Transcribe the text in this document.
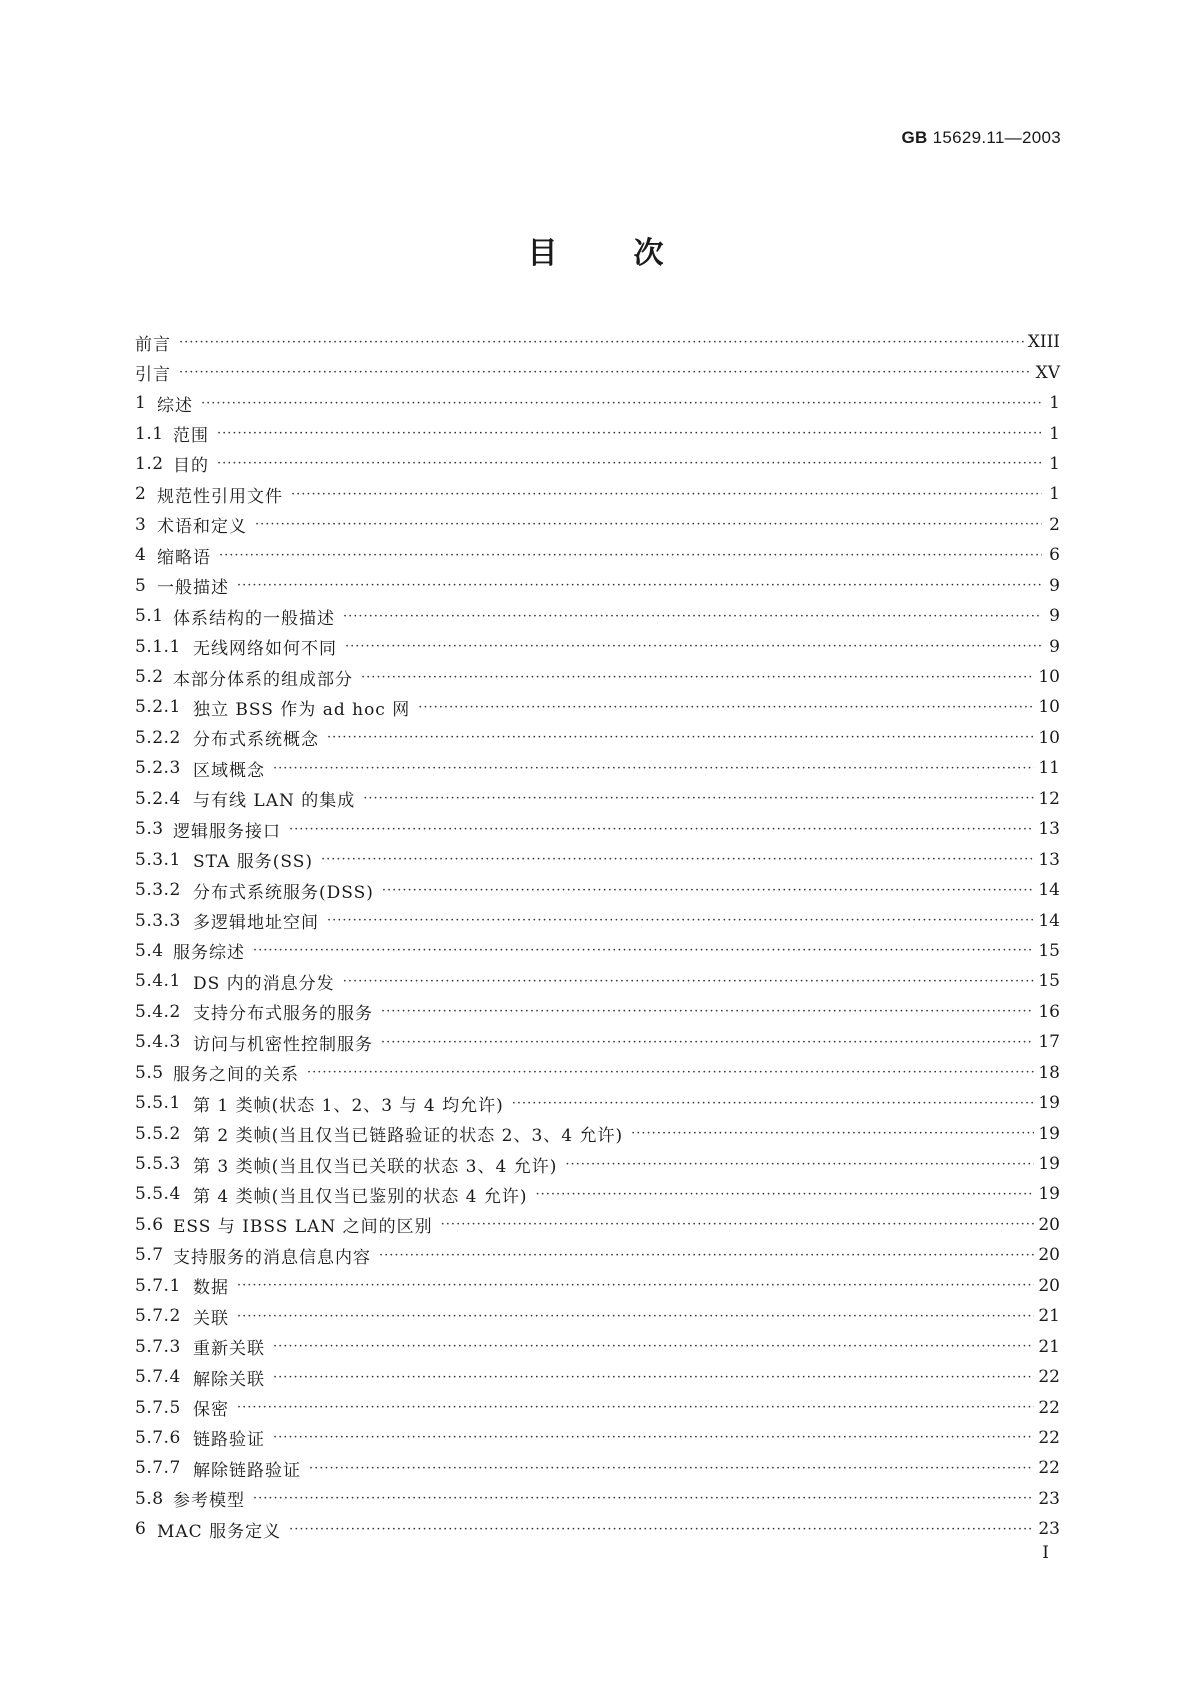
GB 15629.11—2003
目	次
前言 ·····	XIII
引言 ·····	XV
1 综述 ·····	1
1.1 范围 ·····	1
1.2 目的 ·····	1
2 规范性引用文件 ·····	1
3 术语和定义 ·····	2
4 缩略语 ·····	6
5 一般描述 ·····	9
5.1 体系结构的一般描述 ·····	9
5.1.1 无线网络如何不同 ·····	9
5.2 本部分体系的组成部分 ·····	10
5.2.1 独立 BSS 作为 ad hoc 网 ·····	10
5.2.2 分布式系统概念 ·····	10
5.2.3 区域概念 ·····	11
5.2.4 与有线 LAN 的集成 ·····	12
5.3 逻辑服务接口 ·····	13
5.3.1 STA 服务(SS) ·····	13
5.3.2 分布式系统服务(DSS) ·····	14
5.3.3 多逻辑地址空间 ·····	14
5.4 服务综述 ·····	15
5.4.1 DS 内的消息分发 ·····	15
5.4.2 支持分布式服务的服务 ·····	16
5.4.3 访问与机密性控制服务 ·····	17
5.5 服务之间的关系 ·····	18
5.5.1 第 1 类帧(状态 1、2、3 与 4 均允许) ·····	19
5.5.2 第 2 类帧(当且仅当已链路验证的状态 2、3、4 允许) ·····	19
5.5.3 第 3 类帧(当且仅当已关联的状态 3、4 允许) ·····	19
5.5.4 第 4 类帧(当且仅当已鉴别的状态 4 允许) ·····	19
5.6 ESS 与 IBSS LAN 之间的区别 ·····	20
5.7 支持服务的消息信息内容 ·····	20
5.7.1 数据 ·····	20
5.7.2 关联 ·····	21
5.7.3 重新关联 ·····	21
5.7.4 解除关联 ·····	22
5.7.5 保密 ·····	22
5.7.6 链路验证 ·····	22
5.7.7 解除链路验证 ·····	22
5.8 参考模型 ·····	23
6 MAC 服务定义 ·····	23
I
